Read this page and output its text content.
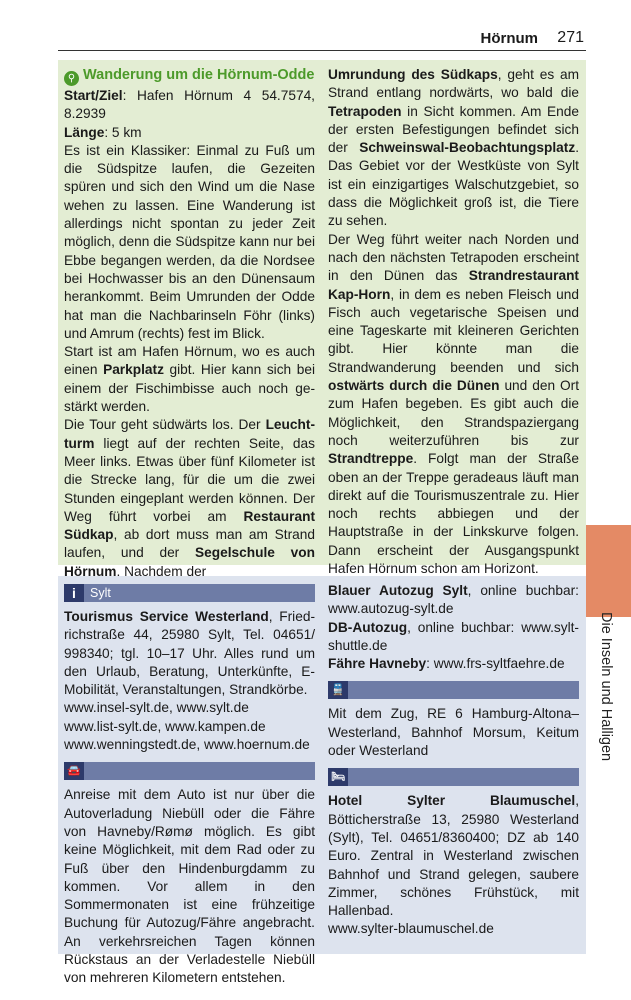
Hörnum 271
Die Inseln und Halligen
⚲ Wanderung um die Hörnum-Odde

Start/Ziel: Hafen Hörnum 4 54.7574, 8.2939

Länge: 5 km

Es ist ein Klassiker: Einmal zu Fuß um die Südspitze laufen, die Gezeiten spüren und sich den Wind um die Nase wehen zu lassen. Eine Wanderung ist allerdings nicht spontan zu jeder Zeit möglich, denn die Südspitze kann nur bei Ebbe begangen werden, da die Nordsee bei Hochwasser bis an den Dünensaum herankommt. Beim Umrunden der Odde hat man die Nachbarinseln Föhr (links) und Amrum (rechts) fest im Blick.

Start ist am Hafen Hörnum, wo es auch einen Parkplatz gibt. Hier kann sich bei einem der Fischimbisse auch noch gestärkt werden.

Die Tour geht südwärts los. Der Leuchtturm liegt auf der rechten Seite, das Meer links. Etwas über fünf Kilometer ist die Strecke lang, für die um die zwei Stunden eingeplant werden können. Der Weg führt vorbei am Restaurant Südkap, ab dort muss man am Strand laufen, und der Segelschule von Hörnum. Nachdem der

Umrundung des Südkaps, geht es am Strand entlang nordwärts, wo bald die Tetrapoden in Sicht kommen. Am Ende der ersten Befestigungen befindet sich der Schweinswal-Beobachtungsplatz. Das Gebiet vor der Westküste von Sylt ist ein einzigartiges Walschutzgebiet, so dass die Möglichkeit groß ist, die Tiere zu sehen.

Der Weg führt weiter nach Norden und nach den nächsten Tetrapoden erscheint in den Dünen das Strandrestaurant Kap-Horn, in dem es neben Fleisch und Fisch auch vegetarische Speisen und eine Tageskarte mit kleineren Gerichten gibt. Hier könnte man die Strandwanderung beenden und sich ostwärts durch die Dünen und den Ort zum Hafen begeben. Es gibt auch die Möglichkeit, den Strandspaziergang noch weiterzuführen bis zur Strandtreppe. Folgt man der Straße oben an der Treppe geradeaus läuft man direkt auf die Tourismuszentrale zu. Hier noch rechts abbiegen und der Hauptstraße in der Linkskurve folgen. Dann erscheint der Ausgangspunkt Hafen Hörnum schon am Horizont.

i	Sylt

Tourismus Service Westerland, Friedrichstraße 44, 25980 Sylt, Tel. 04651/ 998340; tgl. 10–17 Uhr. Alles rund um den Urlaub, Beratung, Unterkünfte, E-Mobilität, Veranstaltungen, Strandkörbe.

www.insel-sylt.de, www.sylt.de

www.list-sylt.de, www.kampen.de

www.wenningstedt.de, www.hoernum.de

🚘

Anreise mit dem Auto ist nur über die Autoverladung Niebüll oder die Fähre von Havneby/Rømø möglich. Es gibt keine Möglichkeit, mit dem Rad oder zu Fuß über den Hindenburgdamm zu kommen. Vor allem in den Sommermonaten ist eine frühzeitige Buchung für Autozug/Fähre angebracht. An verkehrsreichen Tagen können Rückstaus an der Verladestelle Niebüll von mehreren Kilometern entstehen.

Blauer Autozug Sylt, online buchbar: www.autozug-sylt.de

DB-Autozug, online buchbar: www.sylt-shuttle.de

Fähre Havneby: www.frs-syltfaehre.de

🚆

Mit dem Zug, RE 6 Hamburg-Altona–Westerland, Bahnhof Morsum, Keitum oder Westerland

🛏

Hotel Sylter Blaumuschel, Bötticherstraße 13, 25980 Westerland (Sylt), Tel. 04651/8360400; DZ ab 140 Euro. Zentral in Westerland zwischen Bahnhof und Strand gelegen, saubere Zimmer, schönes Frühstück, mit Hallenbad.

www.sylter-blaumuschel.de
